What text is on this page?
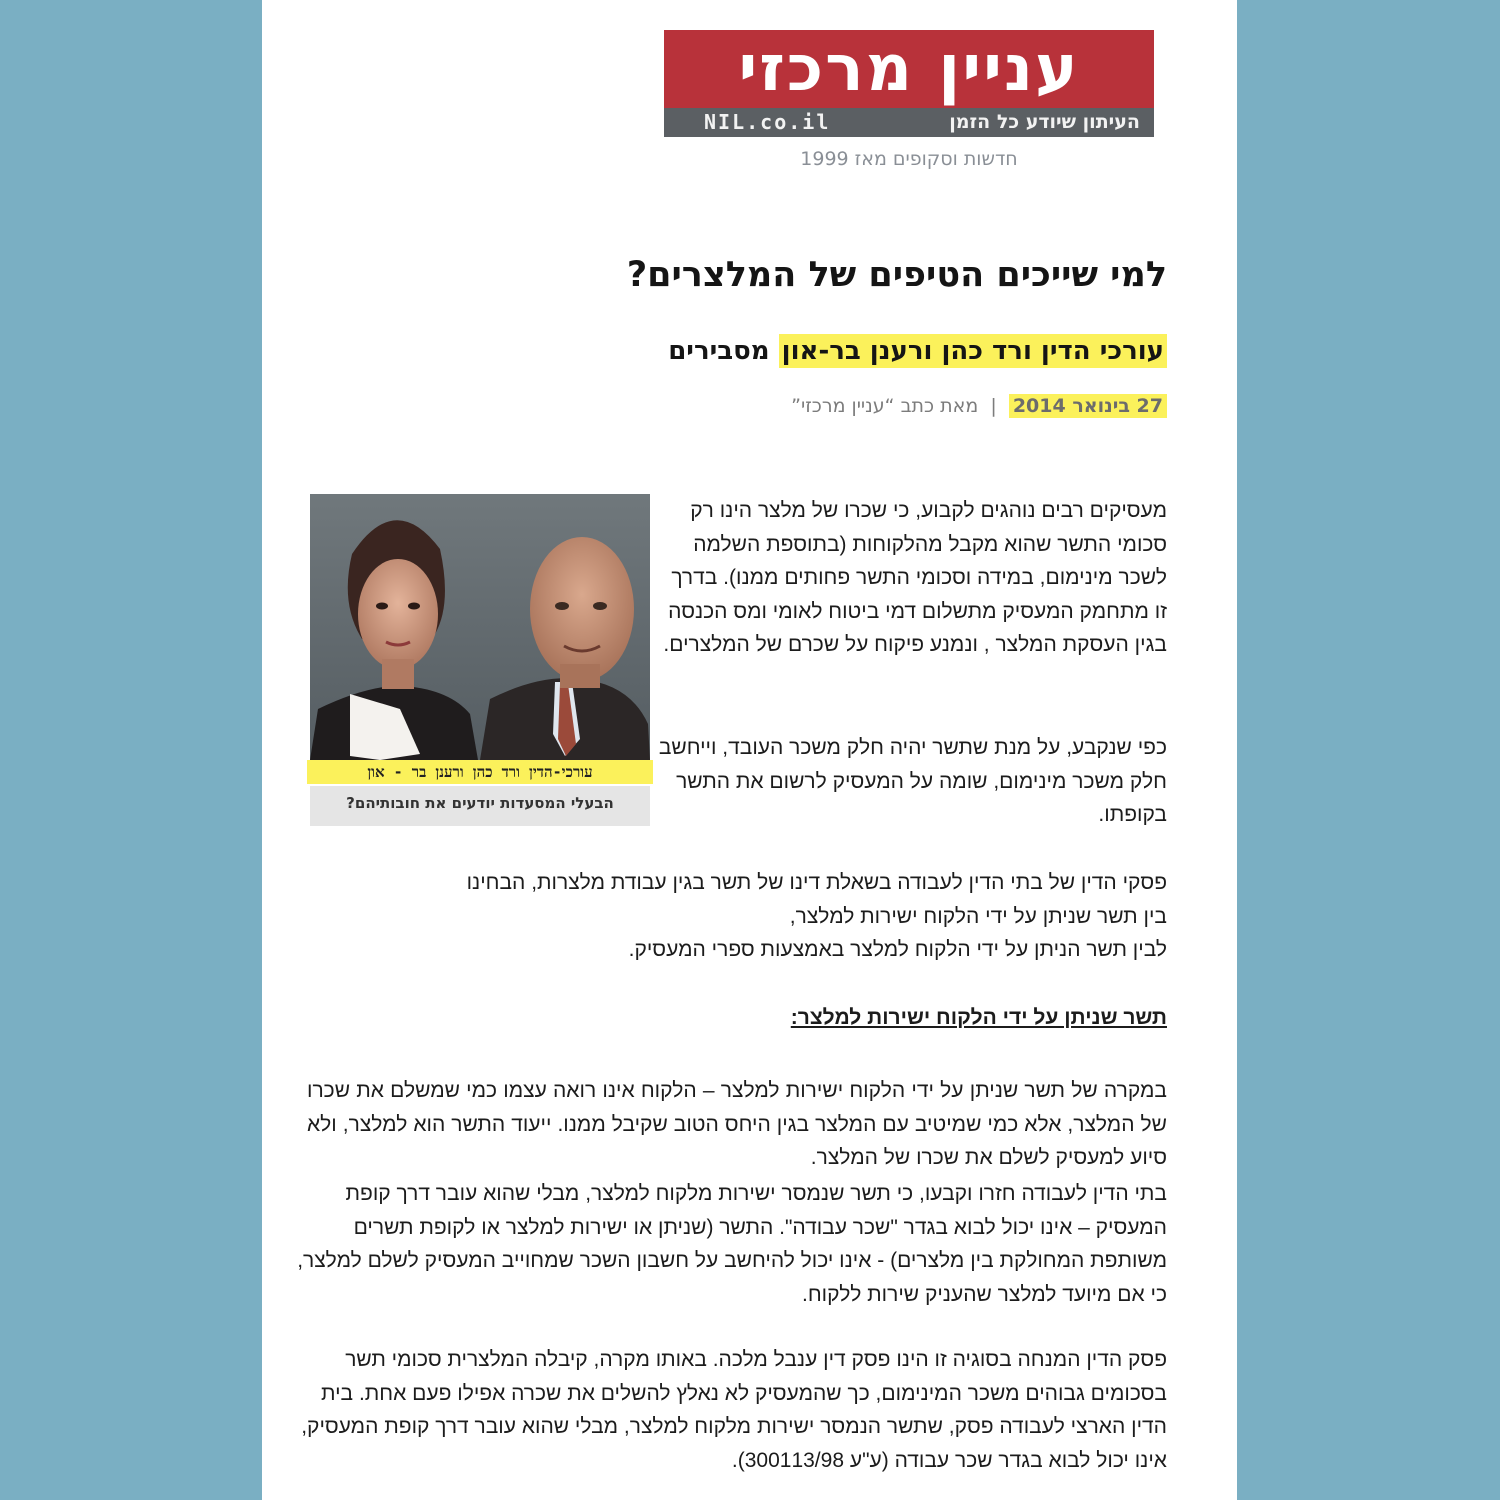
עניין מרכזי
NIL.co.il	העיתון שיודע כל הזמן
חדשות וסקופים מאז 1999
למי שייכים הטיפים של המלצרים?
עורכי הדין ורד כהן ורענן בר-און מסבירים
27 בינואר 2014  |  מאת כתב “עניין מרכזי”
עורכי-הדין ורד כהן ורענן בר - און
הבעלי המסעדות יודעים את חובותיהם?

מעסיקים רבים נוהגים לקבוע, כי שכרו של מלצר הינו רק סכומי התשר שהוא מקבל מהלקוחות (בתוספת השלמה לשכר מינימום, במידה וסכומי התשר פחותים ממנו). בדרך זו מתחמק המעסיק מתשלום דמי ביטוח לאומי ומס הכנסה בגין העסקת המלצר , ונמנע פיקוח על שכרם של המלצרים.

כפי שנקבע, על מנת שתשר יהיה חלק משכר העובד, וייחשב חלק משכר מינימום, שומה על המעסיק לרשום את התשר בקופתו.

פסקי הדין של בתי הדין לעבודה בשאלת דינו של תשר בגין עבודת מלצרות, הבחינו
בין תשר שניתן על ידי הלקוח ישירות למלצר,
לבין תשר הניתן על ידי הלקוח למלצר באמצעות ספרי המעסיק.
תשר שניתן על ידי הלקוח ישירות למלצר:

במקרה של תשר שניתן על ידי הלקוח ישירות למלצר – הלקוח אינו רואה עצמו כמי שמשלם את שכרו של המלצר, אלא כמי שמיטיב עם המלצר בגין היחס הטוב שקיבל ממנו. ייעוד התשר הוא למלצר, ולא סיוע למעסיק לשלם את שכרו של המלצר.

בתי הדין לעבודה חזרו וקבעו, כי תשר שנמסר ישירות מלקוח למלצר, מבלי שהוא עובר דרך קופת המעסיק – אינו יכול לבוא בגדר "שכר עבודה". התשר (שניתן או ישירות למלצר או לקופת תשרים משותפת המחולקת בין מלצרים) - אינו יכול להיחשב על חשבון השכר שמחוייב המעסיק לשלם למלצר, כי אם מיועד למלצר שהעניק שירות ללקוח.

פסק הדין המנחה בסוגיה זו הינו פסק דין ענבל מלכה. באותו מקרה, קיבלה המלצרית סכומי תשר בסכומים גבוהים משכר המינימום, כך שהמעסיק לא נאלץ להשלים את שכרה אפילו פעם אחת. בית הדין הארצי לעבודה פסק, שתשר הנמסר ישירות מלקוח למלצר, מבלי שהוא עובר דרך קופת המעסיק, אינו יכול לבוא בגדר שכר עבודה (ע"ע 300113/98).
